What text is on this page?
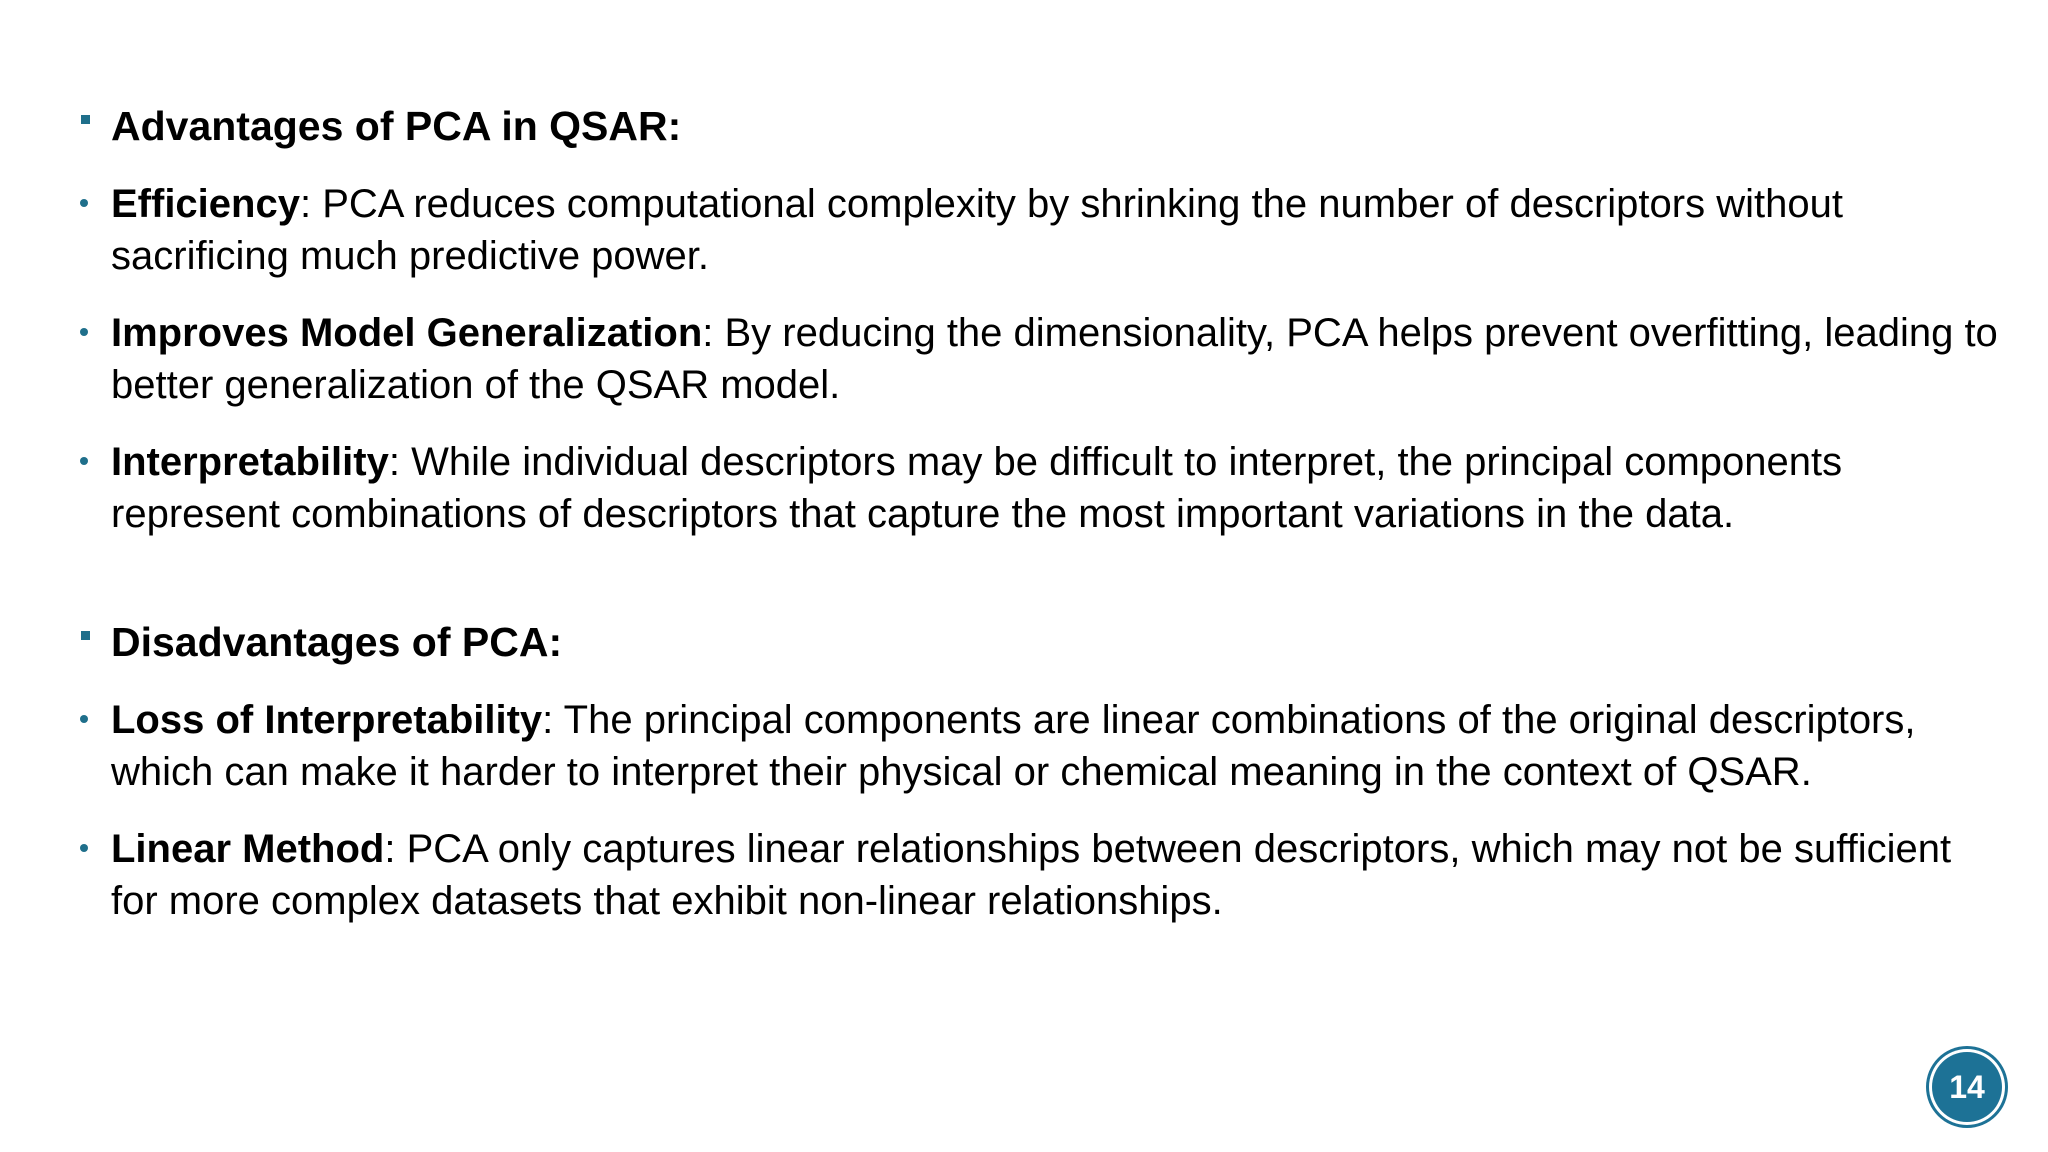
Advantages of PCA in QSAR:
Efficiency: PCA reduces computational complexity by shrinking the number of descriptors without sacrificing much predictive power.
Improves Model Generalization: By reducing the dimensionality, PCA helps prevent overfitting, leading to better generalization of the QSAR model.
Interpretability: While individual descriptors may be difficult to interpret, the principal components represent combinations of descriptors that capture the most important variations in the data.
Disadvantages of PCA:
Loss of Interpretability: The principal components are linear combinations of the original descriptors, which can make it harder to interpret their physical or chemical meaning in the context of QSAR.
Linear Method: PCA only captures linear relationships between descriptors, which may not be sufficient for more complex datasets that exhibit non-linear relationships.
14
